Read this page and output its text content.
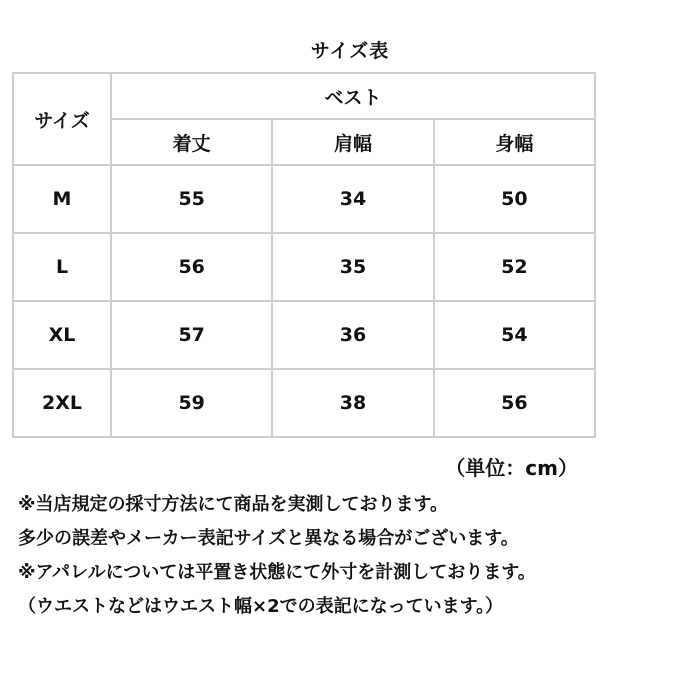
サイズ表
サイズ	ベスト		
	着丈	肩幅	身幅
M	55	34	50
L	56	35	52
XL	57	36	54
2XL	59	38	56
（単位：cm）
※当店規定の採寸方法にて商品を実測しております。
多少の誤差やメーカー表記サイズと異なる場合がございます。
※アパレルについては平置き状態にて外寸を計測しております。
（ウエストなどはウエスト幅×2での表記になっています。）
